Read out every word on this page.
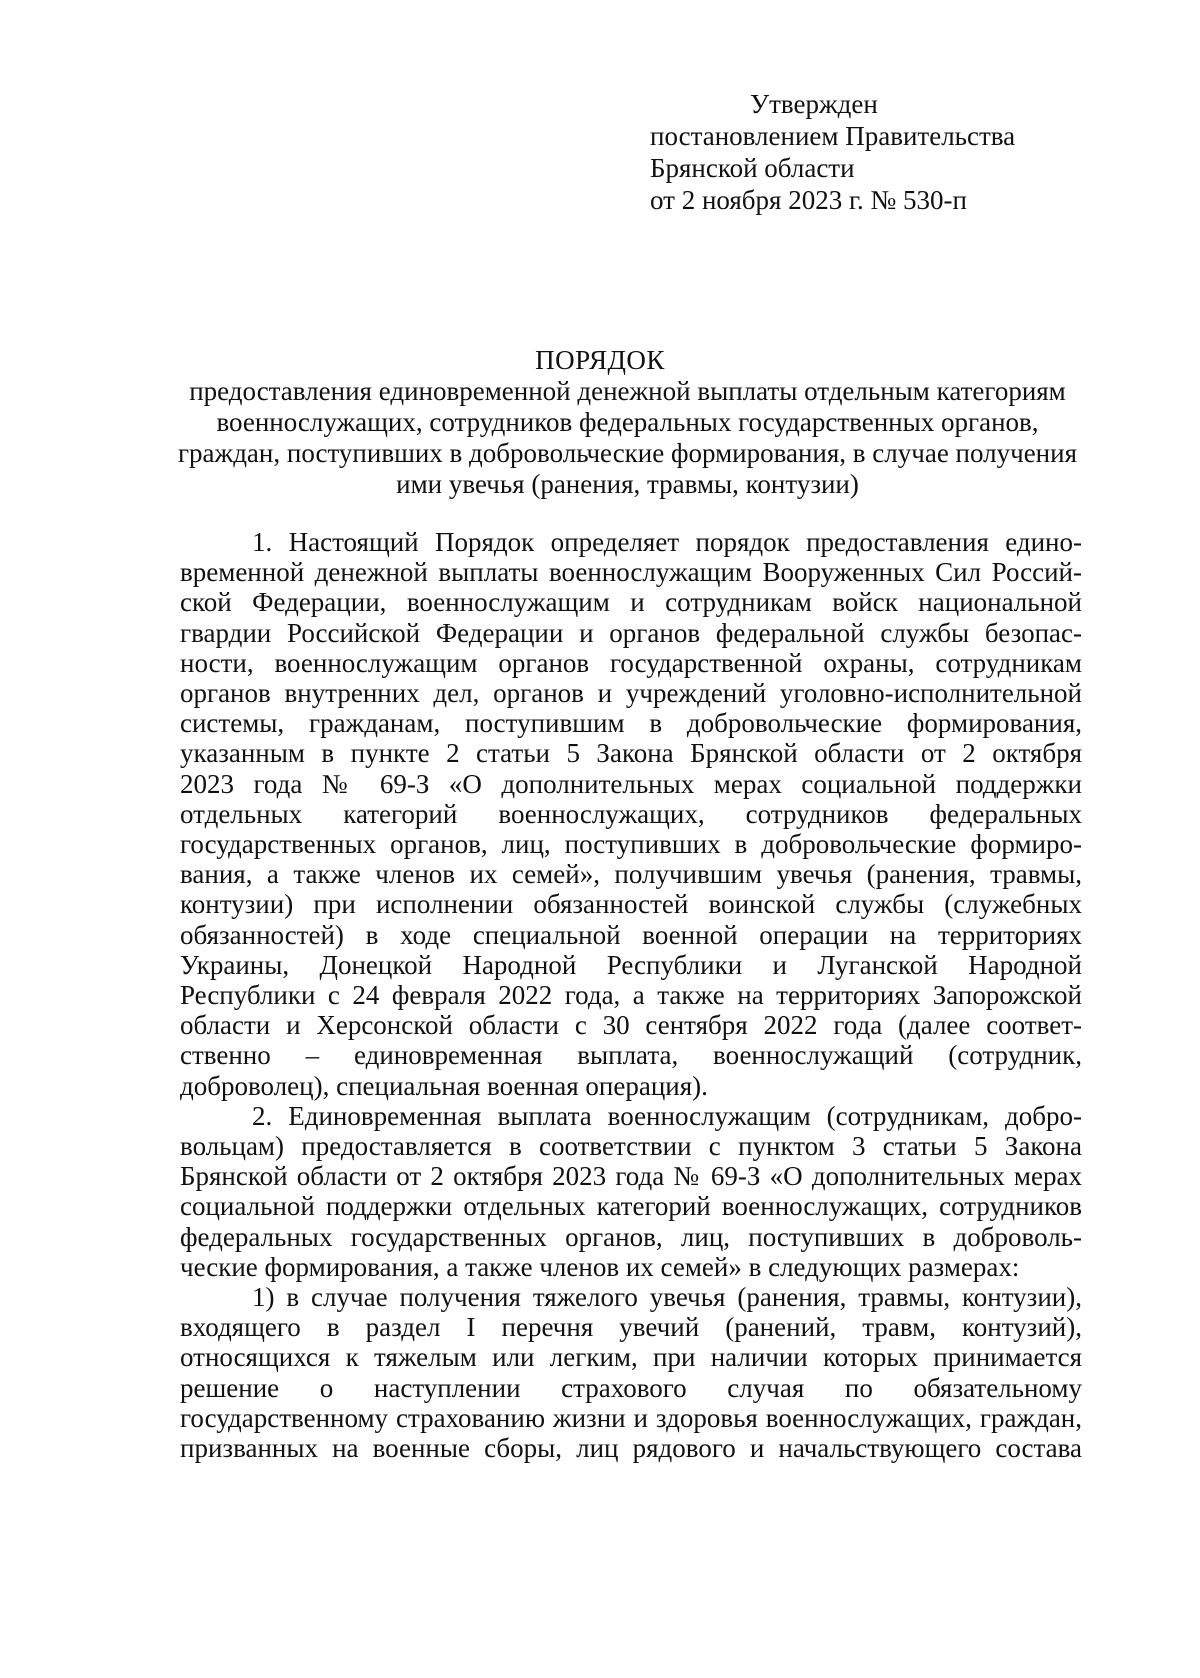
Утвержден
постановлением Правительства
Брянской области
от 2 ноября 2023 г. № 530-п
ПОРЯДОК
предоставления единовременной денежной выплаты отдельным категориям
военнослужащих, сотрудников федеральных государственных органов,
граждан, поступивших в добровольческие формирования, в случае получения
ими увечья (ранения, травмы, контузии)
1. Настоящий Порядок определяет порядок предоставления едино-
временной денежной выплаты военнослужащим Вооруженных Сил Россий-
ской Федерации, военнослужащим и сотрудникам войск национальной
гвардии Российской Федерации и органов федеральной службы безопас-
ности, военнослужащим органов государственной охраны, сотрудникам
органов внутренних дел, органов и учреждений уголовно-исполнительной
системы, гражданам, поступившим в добровольческие формирования,
указанным в пункте 2 статьи 5 Закона Брянской области от 2 октября
2023 года № 69-З «О дополнительных мерах социальной поддержки
отдельных категорий военнослужащих, сотрудников федеральных
государственных органов, лиц, поступивших в добровольческие формиро-
вания, а также членов их семей», получившим увечья (ранения, травмы,
контузии) при исполнении обязанностей воинской службы (служебных
обязанностей) в ходе специальной военной операции на территориях
Украины, Донецкой Народной Республики и Луганской Народной
Республики с 24 февраля 2022 года, а также на территориях Запорожской
области и Херсонской области с 30 сентября 2022 года (далее соответ-
ственно – единовременная выплата, военнослужащий (сотрудник,
доброволец), специальная военная операция).
2. Единовременная выплата военнослужащим (сотрудникам, добро-
вольцам) предоставляется в соответствии с пунктом 3 статьи 5 Закона
Брянской области от 2 октября 2023 года № 69-З «О дополнительных мерах
социальной поддержки отдельных категорий военнослужащих, сотрудников
федеральных государственных органов, лиц, поступивших в доброволь-
ческие формирования, а также членов их семей» в следующих размерах:
1) в случае получения тяжелого увечья (ранения, травмы, контузии),
входящего в раздел I перечня увечий (ранений, травм, контузий),
относящихся к тяжелым или легким, при наличии которых принимается
решение о наступлении страхового случая по обязательному
государственному страхованию жизни и здоровья военнослужащих, граждан,
призванных на военные сборы, лиц рядового и начальствующего состава
